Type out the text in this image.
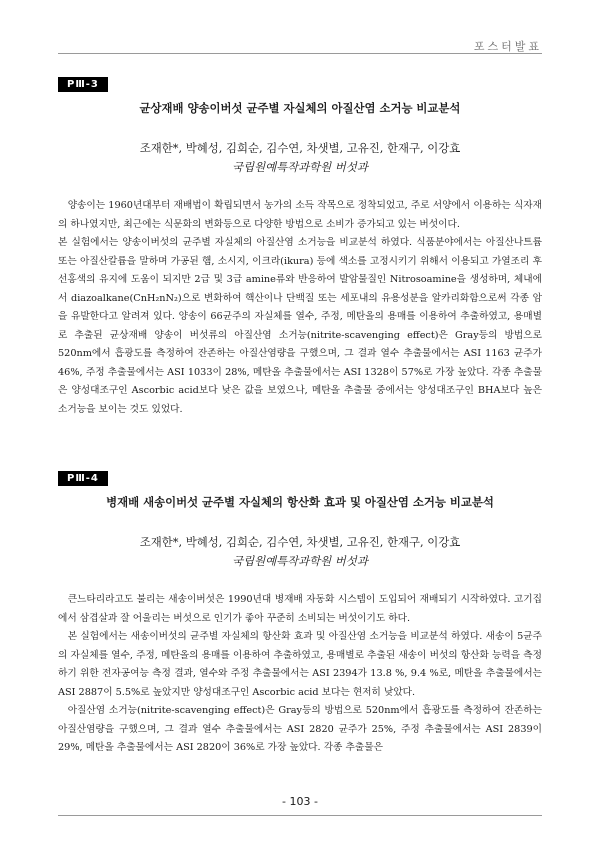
포스터발표
PⅢ-3
균상재배 양송이버섯 균주별 자실체의 아질산염 소거능 비교분석
조재한*, 박혜성, 김희순, 김수연, 차샛별, 고유진, 한재구, 이강효
국립원예특작과학원 버섯과

양송이는 1960년대부터 재배법이 확립되면서 농가의 소득 작목으로 정착되었고, 주로 서양에서 이용하는 식자재의 하나였지만, 최근에는 식문화의 변화등으로 다양한 방법으로 소비가 증가되고 있는 버섯이다.

본 실험에서는 양송이버섯의 균주별 자실체의 아질산염 소거능을 비교분석 하였다. 식품분야에서는 아질산나트륨 또는 아질산칼륨을 말하며 가공된 햄, 소시지, 이크라(ikura) 등에 색소를 고정시키기 위해서 이용되고 가열조리 후 선홍색의 유지에 도움이 되지만 2급 및 3급 amine류와 반응하여 발암물질인 Nitrosoamine을 생성하며, 체내에서 diazoalkane(CnH₂nN₂)으로 변화하여 핵산이나 단백질 또는 세포내의 유용성분을 알카리화함으로써 각종 암을 유발한다고 알려져 있다. 양송이 66균주의 자실체를 열수, 주정, 메탄올의 용매를 이용하여 추출하였고, 용매별로 추출된 균상재배 양송이 버섯류의 아질산염 소거능(nitrite-scavenging effect)은 Gray등의 방법으로 520nm에서 흡광도를 측정하여 잔존하는 아질산염량을 구했으며, 그 결과 열수 추출물에서는 ASI 1163 균주가 46%, 주정 추출물에서는 ASI 1033이 28%, 메탄올 추출물에서는 ASI 1328이 57%로 가장 높았다. 각종 추출물은 양성대조구인 Ascorbic acid보다 낮은 값을 보였으나, 메탄올 추출물 중에서는 양성대조구인 BHA보다 높은 소거능을 보이는 것도 있었다.

PⅢ-4
병재배 새송이버섯 균주별 자실체의 항산화 효과 및 아질산염 소거능 비교분석
조재한*, 박혜성, 김희순, 김수연, 차샛별, 고유진, 한재구, 이강효
국립원예특작과학원 버섯과

큰느타리라고도 불리는 새송이버섯은 1990년대 병재배 자동화 시스템이 도입되어 재배되기 시작하였다. 고기집에서 삼겹살과 잘 어울리는 버섯으로 인기가 좋아 꾸준히 소비되는 버섯이기도 하다.

본 실험에서는 새송이버섯의 균주별 자실체의 항산화 효과 및 아질산염 소거능을 비교분석 하였다. 새송이 5균주의 자실체를 열수, 주정, 메탄올의 용매를 이용하여 추출하였고, 용매별로 추출된 새송이 버섯의 항산화 능력을 측정하기 위한 전자공여능 측정 결과, 열수와 주정 추출물에서는 ASI 2394가 13.8 %, 9.4 %로, 메탄올 추출물에서는 ASI 2887이 5.5%로 높았지만 양성대조구인 Ascorbic acid 보다는 현저히 낮았다.

아질산염 소거능(nitrite-scavenging effect)은 Gray등의 방법으로 520nm에서 흡광도를 측정하여 잔존하는 아질산염량을 구했으며, 그 결과 열수 추출물에서는 ASI 2820 균주가 25%, 주정 추출물에서는 ASI 2839이 29%, 메탄올 추출물에서는 ASI 2820이 36%로 가장 높았다. 각종 추출물은

- 103 -
